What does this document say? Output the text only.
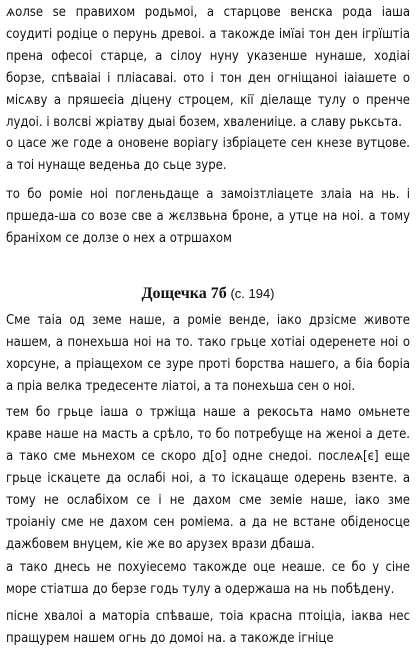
ѧолѕе ѕе правихом родьмоі, а старцове венска рода іаша соудиті родіце о перунь древоі. а такожде імїаі тон ден ігрїштіа прена офесоі старце, а сілоу нуну указенше нунаше, ходіаі борзе, спѣваіаі і плiасаваі. ото і тон ден огнiщаноі іаiашете о мiсѧву а пряшеєіа дiцену строцем, кiї дiелаще тулу о пренче лудоі. і волсві жрiатву дыаі бозем, хвалениіце. а славу рьксьта.

о цасе же годе а оновене ворiагу ізбрiацете сен кнезе вутцове. а тоі нунаще веденьа до сьце зуре.

то бо ромiе ноі погленьдаще а замоізтлiацете злаіа на нь. і пршеда-ша со возе све а жєлзвьна броне, а утце на ноі. а тому бранiхом се долзе о нех а отршахом

Дощечка 7б (с. 194)

Сме таіа од земе наше, а ромiе венде, іако дрзiсме животе нашем, а понехьша ноі на то. тако грьце хотiаi одеренете ноі о хорсуне, а прiащехом се зуре протi борства нашего, а бiа борiа а прiа велка тредесенте лiатоi, а та понехьша сен о ноi.

тем бо грьце іаша о тржiща наше а рекосьта намо омьнете краве наше на масть а срѣло, то бо потребуще на женоi а дете. а тако сме мьнехом се скоро д[о] одне снедоi. послеѧ[є] еще грьце іскацете да ослабі ноі, а то іскацаще одерень взенте. а тому не ослабiхом се і не дахом сме земiе наше, іако зме троiанiу сме не дахом сен ромiема. а да не встане обiденосце дажбовем внуцем, кiе же во арузех врази дбаша.

а тако днесь не похуiесемо такожде оце неаше. се бо у сiне море стiатша до берзе годь тулу а одержаша на нь побѣдену.

пiсне хвалоi а маторiа спѣваше, тоiа красна птоiцiа, іаква нес пращурем нашем огнь до домоi на. а такожде ігнiце
